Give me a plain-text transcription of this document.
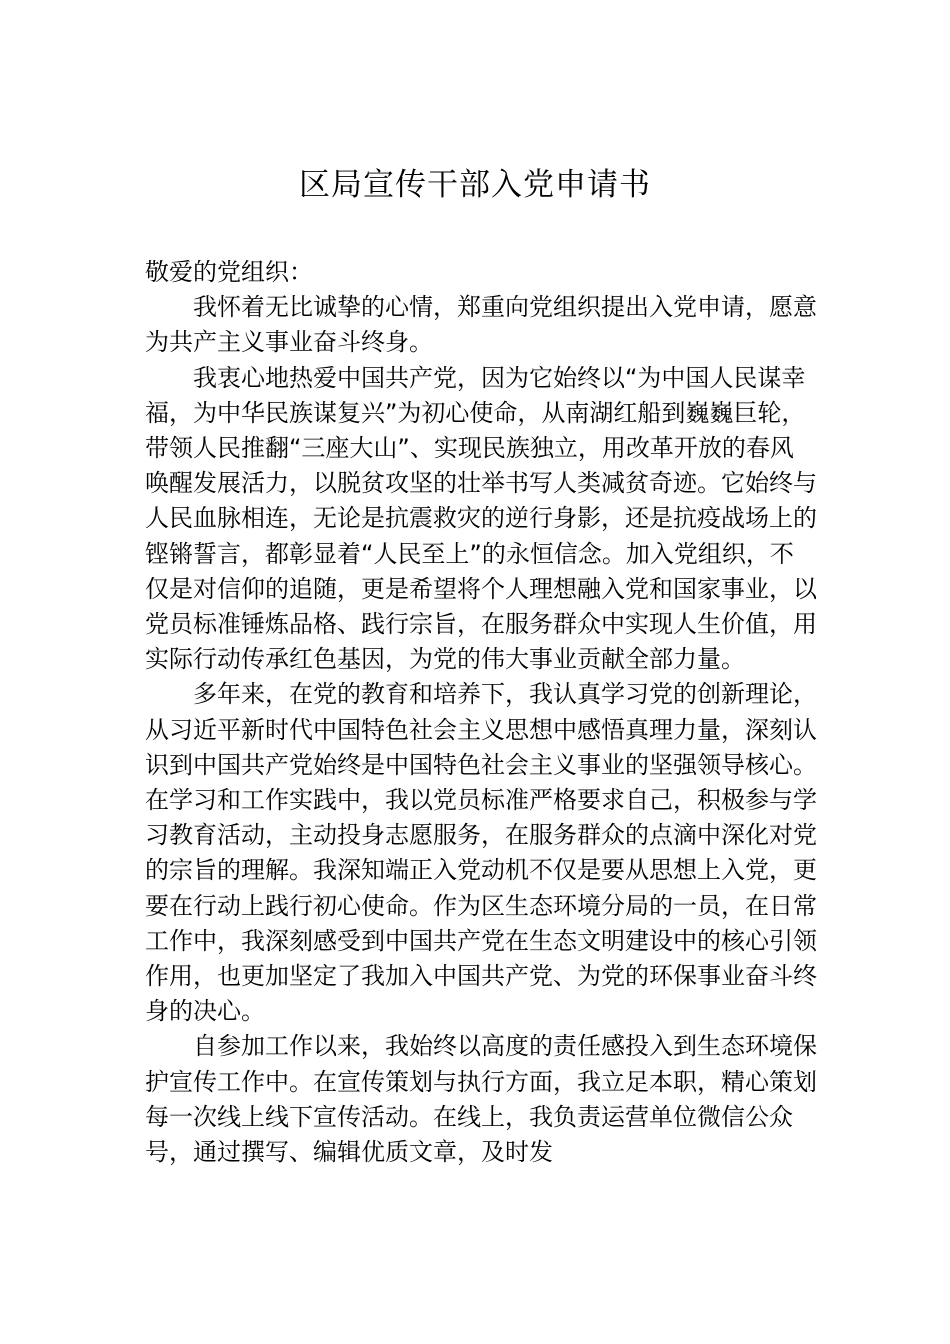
区局宣传干部入党申请书

敬爱的党组织：

我怀着无比诚挚的心情，郑重向党组织提出入党申请，愿意为共产主义事业奋斗终身。

我衷心地热爱中国共产党，因为它始终以“为中国人民谋幸福，为中华民族谋复兴”为初心使命，从南湖红船到巍巍巨轮，带领人民推翻“三座大山”、实现民族独立，用改革开放的春风唤醒发展活力，以脱贫攻坚的壮举书写人类减贫奇迹。它始终与人民血脉相连，无论是抗震救灾的逆行身影，还是抗疫战场上的铿锵誓言，都彰显着“人民至上”的永恒信念。加入党组织，不仅是对信仰的追随，更是希望将个人理想融入党和国家事业，以党员标准锤炼品格、践行宗旨，在服务群众中实现人生价值，用实际行动传承红色基因，为党的伟大事业贡献全部力量。

多年来，在党的教育和培养下，我认真学习党的创新理论，从习近平新时代中国特色社会主义思想中感悟真理力量，深刻认识到中国共产党始终是中国特色社会主义事业的坚强领导核心。在学习和工作实践中，我以党员标准严格要求自己，积极参与学习教育活动，主动投身志愿服务，在服务群众的点滴中深化对党的宗旨的理解。我深知端正入党动机不仅是要从思想上入党，更要在行动上践行初心使命。作为区生态环境分局的一员，在日常工作中，我深刻感受到中国共产党在生态文明建设中的核心引领作用，也更加坚定了我加入中国共产党、为党的环保事业奋斗终身的决心。

自参加工作以来，我始终以高度的责任感投入到生态环境保护宣传工作中。在宣传策划与执行方面，我立足本职，精心策划每一次线上线下宣传活动。在线上，我负责运营单位微信公众号，通过撰写、编辑优质文章，及时发
